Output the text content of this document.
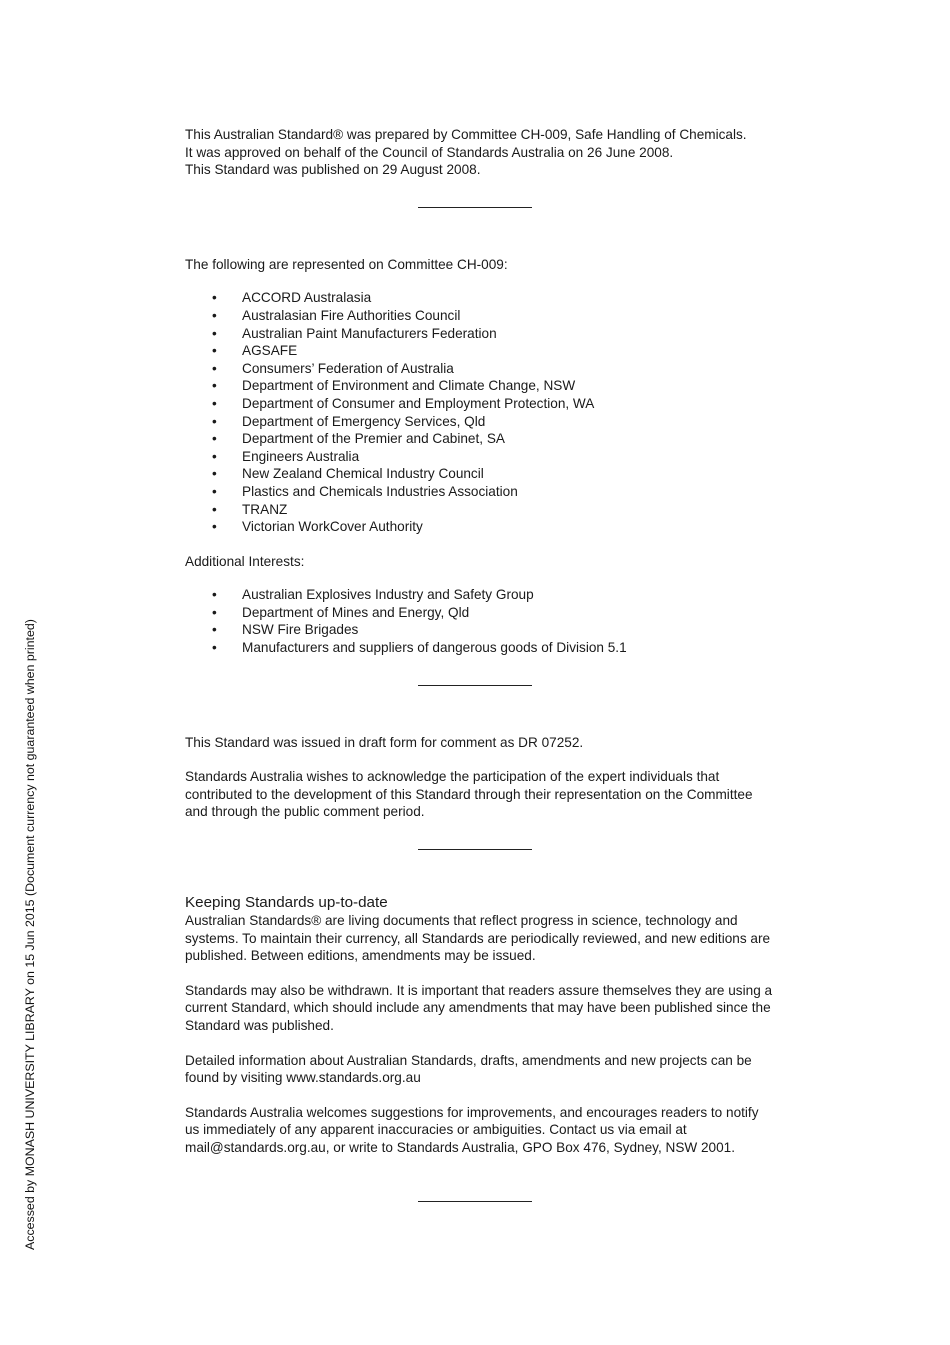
Accessed by MONASH UNIVERSITY LIBRARY on 15 Jun 2015 (Document currency not guaranteed when printed)

This Australian Standard® was prepared by Committee CH-009, Safe Handling of Chemicals.

It was approved on behalf of the Council of Standards Australia on 26 June 2008.

This Standard was published on 29 August 2008.

The following are represented on Committee CH-009:

• ACCORD Australasia
• Australasian Fire Authorities Council
• Australian Paint Manufacturers Federation
• AGSAFE
• Consumers’ Federation of Australia
• Department of Environment and Climate Change, NSW
• Department of Consumer and Employment Protection, WA
• Department of Emergency Services, Qld
• Department of the Premier and Cabinet, SA
• Engineers Australia
• New Zealand Chemical Industry Council
• Plastics and Chemicals Industries Association
• TRANZ
• Victorian WorkCover Authority

Additional Interests:

• Australian Explosives Industry and Safety Group
• Department of Mines and Energy, Qld
• NSW Fire Brigades
• Manufacturers and suppliers of dangerous goods of Division 5.1

This Standard was issued in draft form for comment as DR 07252.

Standards Australia wishes to acknowledge the participation of the expert individuals that contributed to the development of this Standard through their representation on the Committee and through the public comment period.

Keeping Standards up-to-date

Australian Standards® are living documents that reflect progress in science, technology and systems. To maintain their currency, all Standards are periodically reviewed, and new editions are published. Between editions, amendments may be issued.

Standards may also be withdrawn. It is important that readers assure themselves they are using a current Standard, which should include any amendments that may have been published since the Standard was published.

Detailed information about Australian Standards, drafts, amendments and new projects can be found by visiting www.standards.org.au

Standards Australia welcomes suggestions for improvements, and encourages readers to notify us immediately of any apparent inaccuracies or ambiguities. Contact us via email at mail@standards.org.au, or write to Standards Australia, GPO Box 476, Sydney, NSW 2001.
